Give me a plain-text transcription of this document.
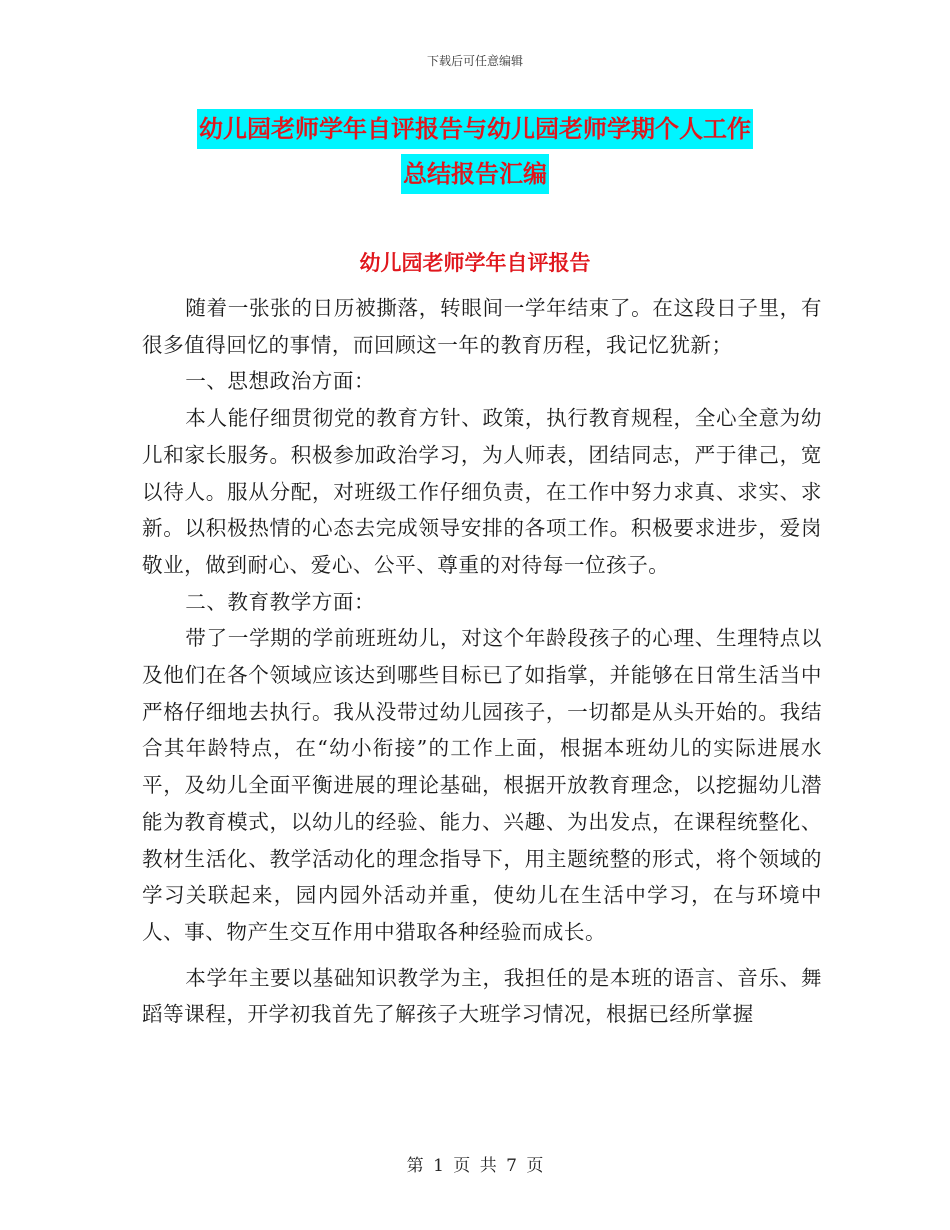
下载后可任意编辑
幼儿园老师学年自评报告与幼儿园老师学期个人工作
总结报告汇编
幼儿园老师学年自评报告

随着一张张的日历被撕落，转眼间一学年结束了。在这段日子里，有很多值得回忆的事情，而回顾这一年的教育历程，我记忆犹新；

一、思想政治方面：

本人能仔细贯彻党的教育方针、政策，执行教育规程，全心全意为幼儿和家长服务。积极参加政治学习，为人师表，团结同志，严于律己，宽以待人。服从分配，对班级工作仔细负责，在工作中努力求真、求实、求新。以积极热情的心态去完成领导安排的各项工作。积极要求进步，爱岗敬业，做到耐心、爱心、公平、尊重的对待每一位孩子。

二、教育教学方面：

带了一学期的学前班班幼儿，对这个年龄段孩子的心理、生理特点以及他们在各个领域应该达到哪些目标已了如指掌，并能够在日常生活当中严格仔细地去执行。我从没带过幼儿园孩子，一切都是从头开始的。我结合其年龄特点，在“幼小衔接”的工作上面，根据本班幼儿的实际进展水平，及幼儿全面平衡进展的理论基础，根据开放教育理念，以挖掘幼儿潜能为教育模式，以幼儿的经验、能力、兴趣、为出发点，在课程统整化、教材生活化、教学活动化的理念指导下，用主题统整的形式，将个领域的学习关联起来，园内园外活动并重，使幼儿在生活中学习，在与环境中人、事、物产生交互作用中猎取各种经验而成长。

本学年主要以基础知识教学为主，我担任的是本班的语言、音乐、舞蹈等课程，开学初我首先了解孩子大班学习情况，根据已经所掌握

第 1 页 共 7 页
